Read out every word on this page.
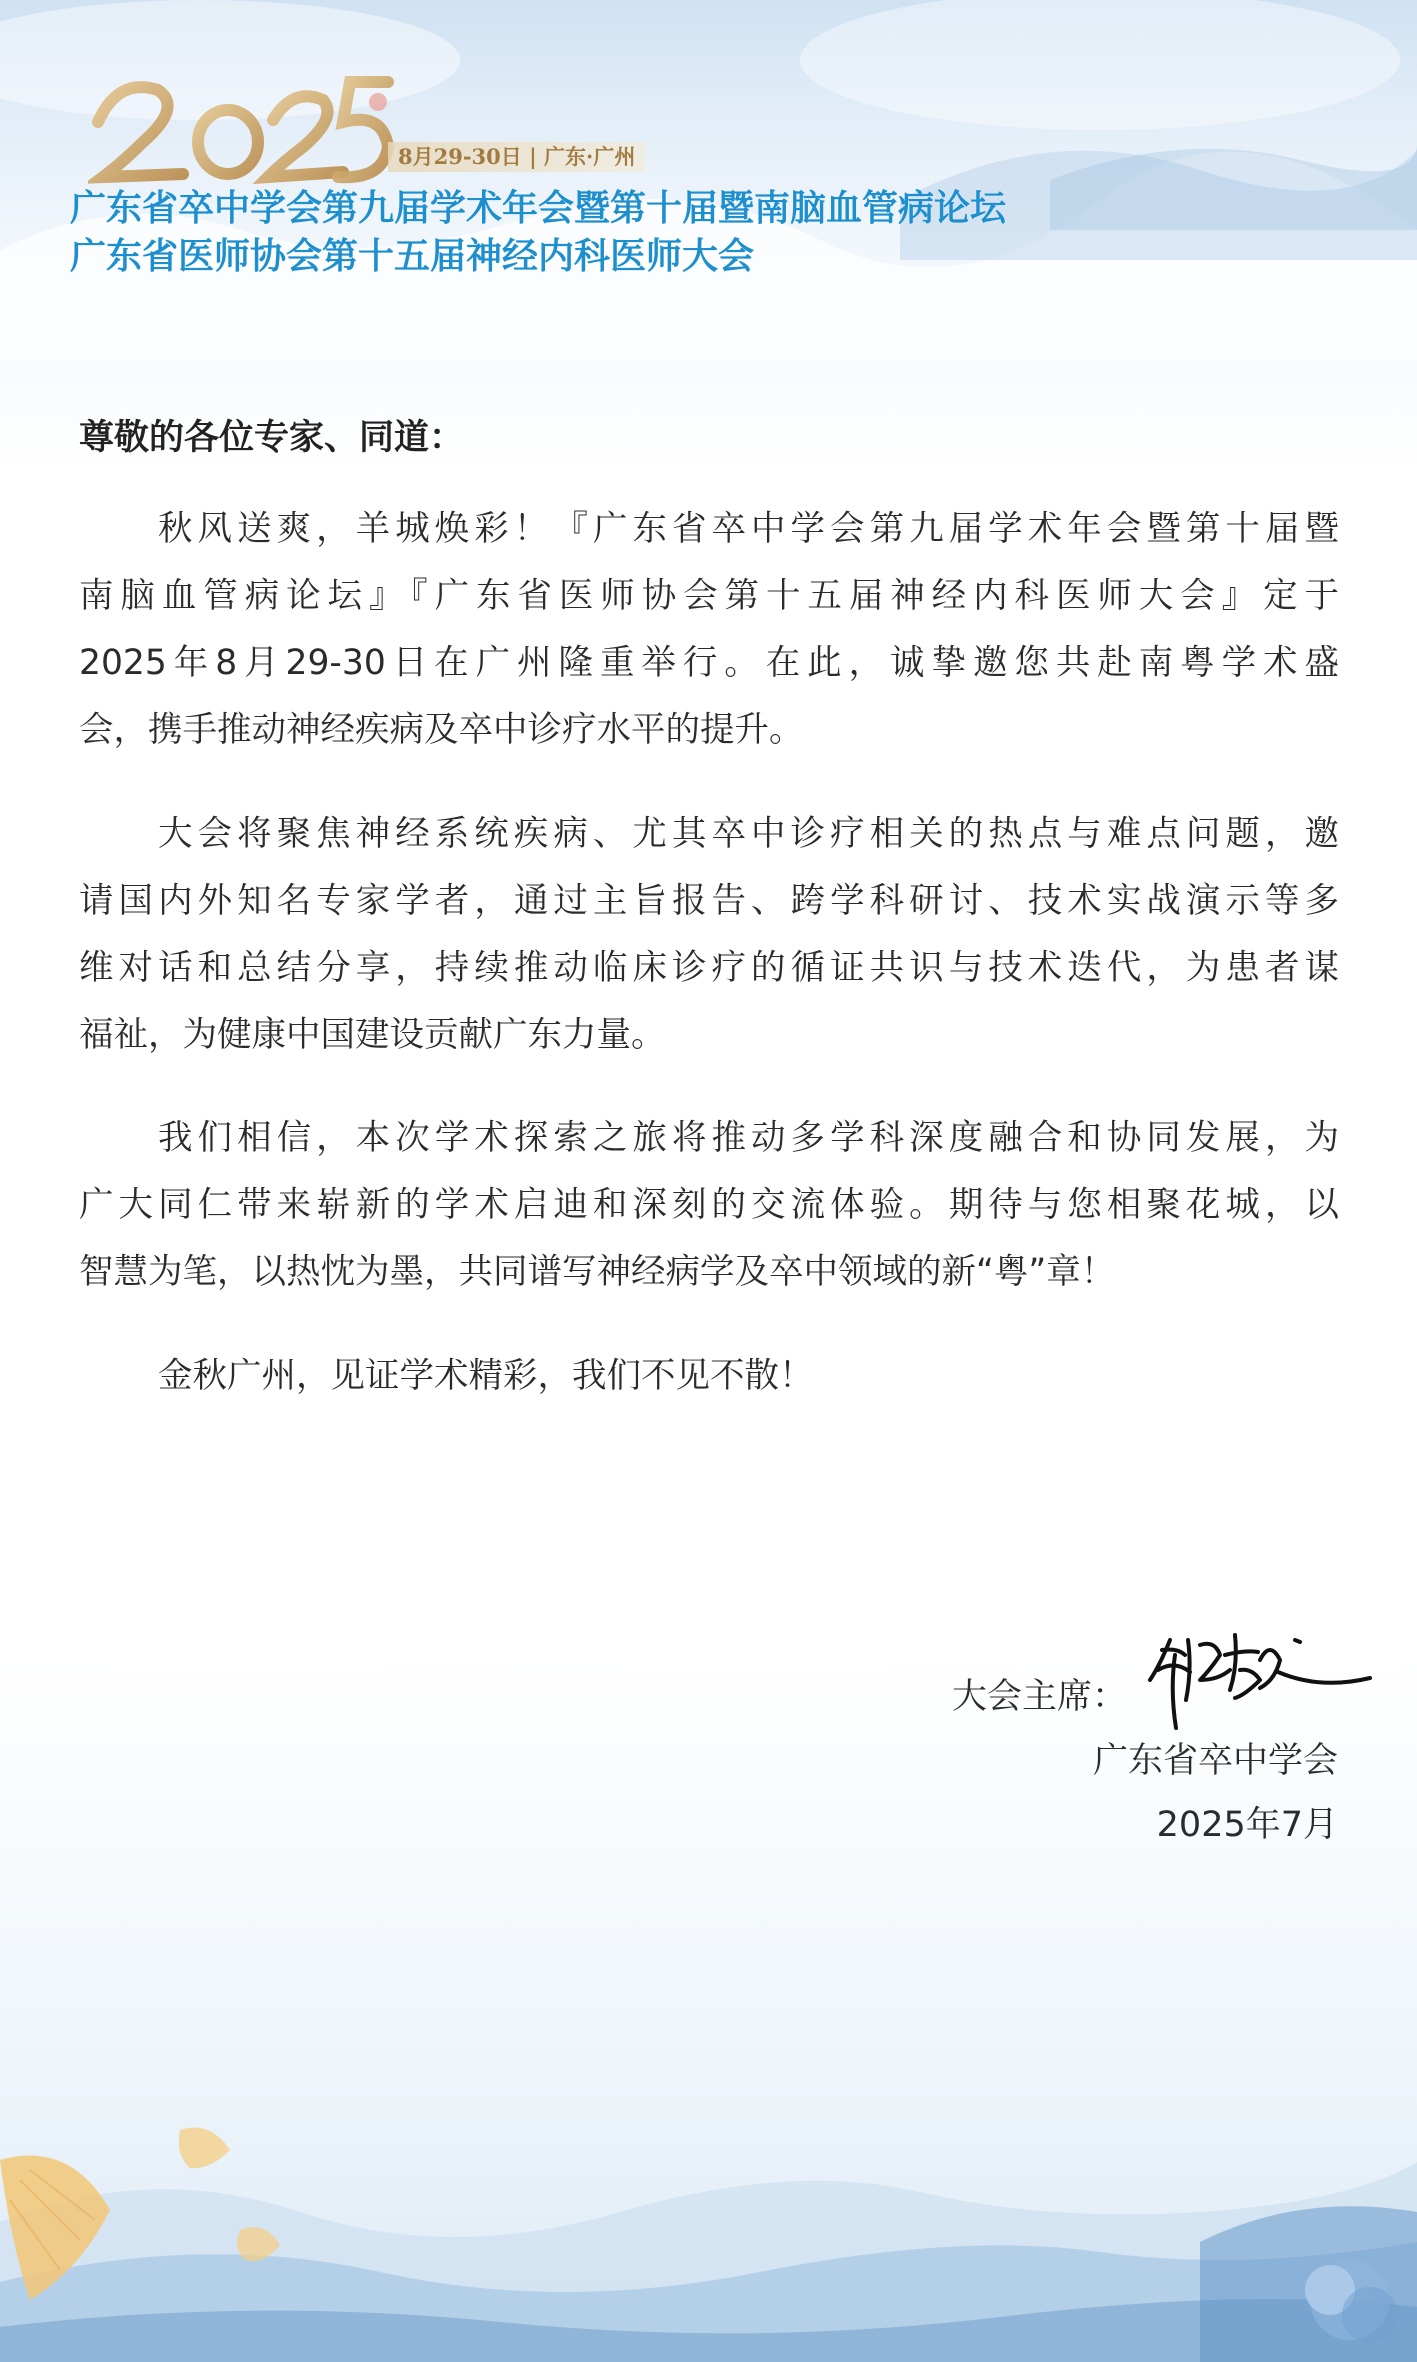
8月29-30日 | 广东·广州
广东省卒中学会第九届学术年会暨第十届暨南脑血管病论坛
广东省医师协会第十五届神经内科医师大会
尊敬的各位专家、同道：
秋风送爽，羊城焕彩！『广东省卒中学会第九届学术年会暨第十届暨
南脑血管病论坛』『广东省医师协会第十五届神经内科医师大会』定于
2025年8月29-30日在广州隆重举行。在此，诚挚邀您共赴南粤学术盛
会，携手推动神经疾病及卒中诊疗水平的提升。
大会将聚焦神经系统疾病、尤其卒中诊疗相关的热点与难点问题，邀
请国内外知名专家学者，通过主旨报告、跨学科研讨、技术实战演示等多
维对话和总结分享，持续推动临床诊疗的循证共识与技术迭代，为患者谋
福祉，为健康中国建设贡献广东力量。
我们相信，本次学术探索之旅将推动多学科深度融合和协同发展，为
广大同仁带来崭新的学术启迪和深刻的交流体验。期待与您相聚花城，以
智慧为笔，以热忱为墨，共同谱写神经病学及卒中领域的新“粤”章！
金秋广州，见证学术精彩，我们不见不散！
大会主席：
广东省卒中学会
2025年7月
